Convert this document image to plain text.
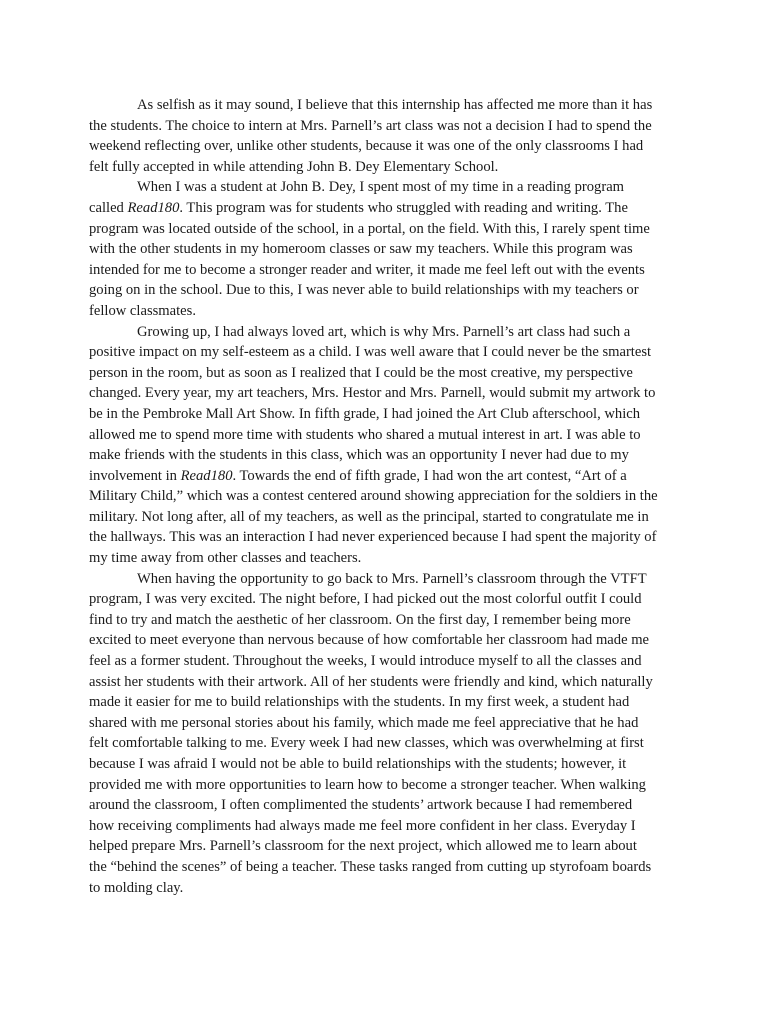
As selfish as it may sound, I believe that this internship has affected me more than it has
the students. The choice to intern at Mrs. Parnell’s art class was not a decision I had to spend the
weekend reflecting over, unlike other students, because it was one of the only classrooms I had
felt fully accepted in while attending John B. Dey Elementary School.

When I was a student at John B. Dey, I spent most of my time in a reading program
called Read180. This program was for students who struggled with reading and writing. The
program was located outside of the school, in a portal, on the field. With this, I rarely spent time
with the other students in my homeroom classes or saw my teachers. While this program was
intended for me to become a stronger reader and writer, it made me feel left out with the events
going on in the school. Due to this, I was never able to build relationships with my teachers or
fellow classmates.

Growing up, I had always loved art, which is why Mrs. Parnell’s art class had such a
positive impact on my self-esteem as a child. I was well aware that I could never be the smartest
person in the room, but as soon as I realized that I could be the most creative, my perspective
changed. Every year, my art teachers, Mrs. Hestor and Mrs. Parnell, would submit my artwork to
be in the Pembroke Mall Art Show. In fifth grade, I had joined the Art Club afterschool, which
allowed me to spend more time with students who shared a mutual interest in art. I was able to
make friends with the students in this class, which was an opportunity I never had due to my
involvement in Read180. Towards the end of fifth grade, I had won the art contest, “Art of a
Military Child,” which was a contest centered around showing appreciation for the soldiers in the
military. Not long after, all of my teachers, as well as the principal, started to congratulate me in
the hallways. This was an interaction I had never experienced because I had spent the majority of
my time away from other classes and teachers.

When having the opportunity to go back to Mrs. Parnell’s classroom through the VTFT
program, I was very excited. The night before, I had picked out the most colorful outfit I could
find to try and match the aesthetic of her classroom. On the first day, I remember being more
excited to meet everyone than nervous because of how comfortable her classroom had made me
feel as a former student. Throughout the weeks, I would introduce myself to all the classes and
assist her students with their artwork. All of her students were friendly and kind, which naturally
made it easier for me to build relationships with the students. In my first week, a student had
shared with me personal stories about his family, which made me feel appreciative that he had
felt comfortable talking to me. Every week I had new classes, which was overwhelming at first
because I was afraid I would not be able to build relationships with the students; however, it
provided me with more opportunities to learn how to become a stronger teacher. When walking
around the classroom, I often complimented the students’ artwork because I had remembered
how receiving compliments had always made me feel more confident in her class. Everyday I
helped prepare Mrs. Parnell’s classroom for the next project, which allowed me to learn about
the “behind the scenes” of being a teacher. These tasks ranged from cutting up styrofoam boards
to molding clay.
